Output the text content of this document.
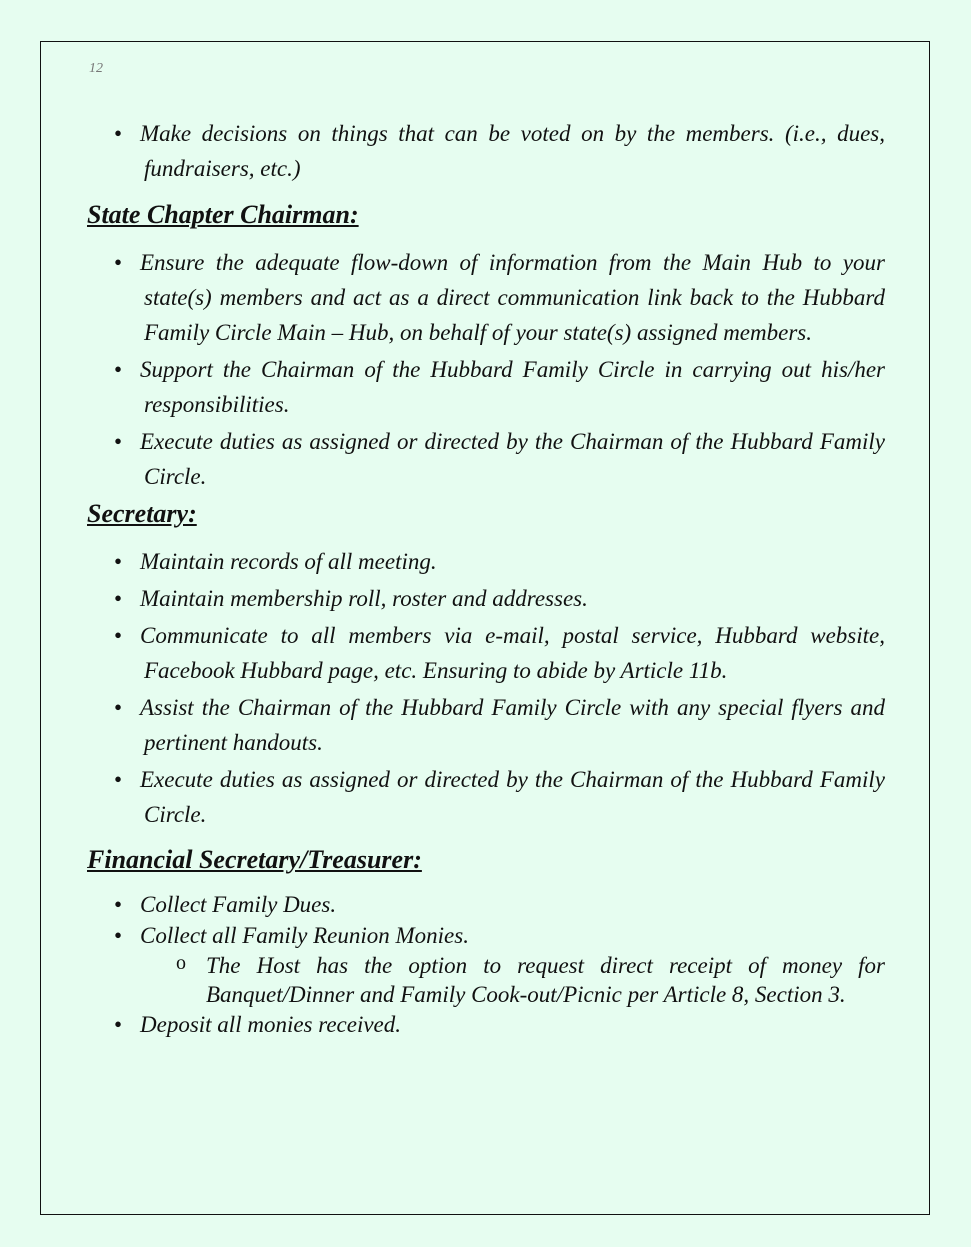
12
• Make decisions on things that can be voted on by the members. (i.e., dues, fundraisers, etc.)
State Chapter Chairman:
• Ensure the adequate flow-down of information from the Main Hub to your state(s) members and act as a direct communication link back to the Hubbard Family Circle Main – Hub, on behalf of your state(s) assigned members.
• Support the Chairman of the Hubbard Family Circle in carrying out his/her responsibilities.
• Execute duties as assigned or directed by the Chairman of the Hubbard Family Circle.
Secretary:
• Maintain records of all meeting.
• Maintain membership roll, roster and addresses.
• Communicate to all members via e-mail, postal service, Hubbard website, Facebook Hubbard page, etc. Ensuring to abide by Article 11b.
• Assist the Chairman of the Hubbard Family Circle with any special flyers and pertinent handouts.
• Execute duties as assigned or directed by the Chairman of the Hubbard Family Circle.
Financial Secretary/Treasurer:
• Collect Family Dues.
• Collect all Family Reunion Monies.
o The Host has the option to request direct receipt of money for Banquet/Dinner and Family Cook-out/Picnic per Article 8, Section 3.
• Deposit all monies received.
